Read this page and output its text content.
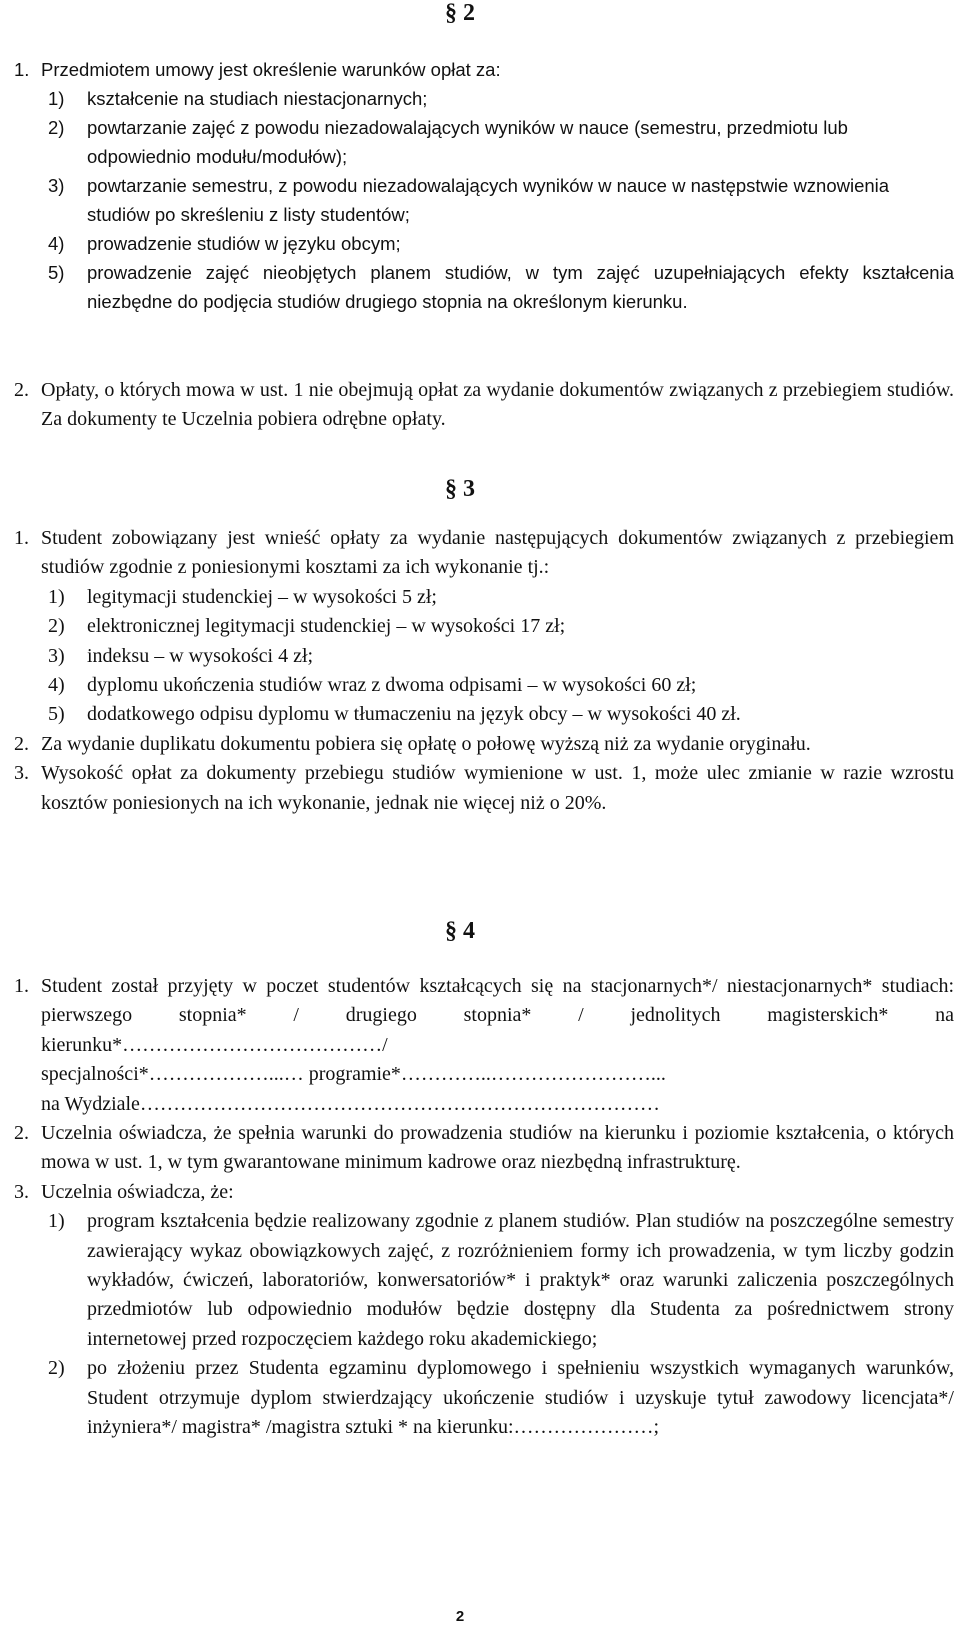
§ 2
1. Przedmiotem umowy jest określenie warunków opłat za:
1) kształcenie na studiach niestacjonarnych;
2) powtarzanie zajęć z powodu niezadowalających wyników w nauce (semestru, przedmiotu lub odpowiednio modułu/modułów);
3) powtarzanie semestru, z powodu niezadowalających wyników w nauce w następstwie wznowienia studiów po skreśleniu z listy studentów;
4) prowadzenie studiów w języku obcym;
5) prowadzenie zajęć nieobjętych planem studiów, w tym zajęć uzupełniających efekty kształcenia niezbędne do podjęcia studiów drugiego stopnia na określonym kierunku.
2. Opłaty, o których mowa w ust. 1 nie obejmują opłat za wydanie dokumentów związanych z przebiegiem studiów. Za dokumenty te Uczelnia pobiera odrębne opłaty.
§ 3
1. Student zobowiązany jest wnieść opłaty za wydanie następujących dokumentów związanych z przebiegiem studiów zgodnie z poniesionymi kosztami za ich wykonanie tj.:
1) legitymacji studenckiej – w wysokości 5 zł;
2) elektronicznej legitymacji studenckiej – w wysokości 17 zł;
3) indeksu – w wysokości 4 zł;
4) dyplomu ukończenia studiów wraz z dwoma odpisami – w wysokości 60 zł;
5) dodatkowego odpisu dyplomu w tłumaczeniu na język obcy – w wysokości 40 zł.
2. Za wydanie duplikatu dokumentu pobiera się opłatę o połowę wyższą niż za wydanie oryginału.
3. Wysokość opłat za dokumenty przebiegu studiów wymienione w ust. 1, może ulec zmianie w razie wzrostu kosztów poniesionych na ich wykonanie, jednak nie więcej niż o 20%.
§ 4
1. Student został przyjęty w poczet studentów kształcących się na stacjonarnych*/ niestacjonarnych* studiach: pierwszego stopnia* / drugiego stopnia* / jednolitych magisterskich* na kierunku*…………………………………/
specjalności*………………...… programie*…………..……………………...
na Wydziale……………………………………………………………………
2. Uczelnia oświadcza, że spełnia warunki do prowadzenia studiów na kierunku i poziomie kształcenia, o których mowa w ust. 1, w tym gwarantowane minimum kadrowe oraz niezbędną infrastrukturę.
3. Uczelnia oświadcza, że:
1) program kształcenia będzie realizowany zgodnie z planem studiów. Plan studiów na poszczególne semestry zawierający wykaz obowiązkowych zajęć, z rozróżnieniem formy ich prowadzenia, w tym liczby godzin wykładów, ćwiczeń, laboratoriów, konwersatoriów* i praktyk* oraz warunki zaliczenia poszczególnych przedmiotów lub odpowiednio modułów będzie dostępny dla Studenta za pośrednictwem strony internetowej przed rozpoczęciem każdego roku akademickiego;
2) po złożeniu przez Studenta egzaminu dyplomowego i spełnieniu wszystkich wymaganych warunków, Student otrzymuje dyplom stwierdzający ukończenie studiów i uzyskuje tytuł zawodowy licencjata*/ inżyniera*/ magistra* /magistra sztuki * na kierunku:…………………;
2
